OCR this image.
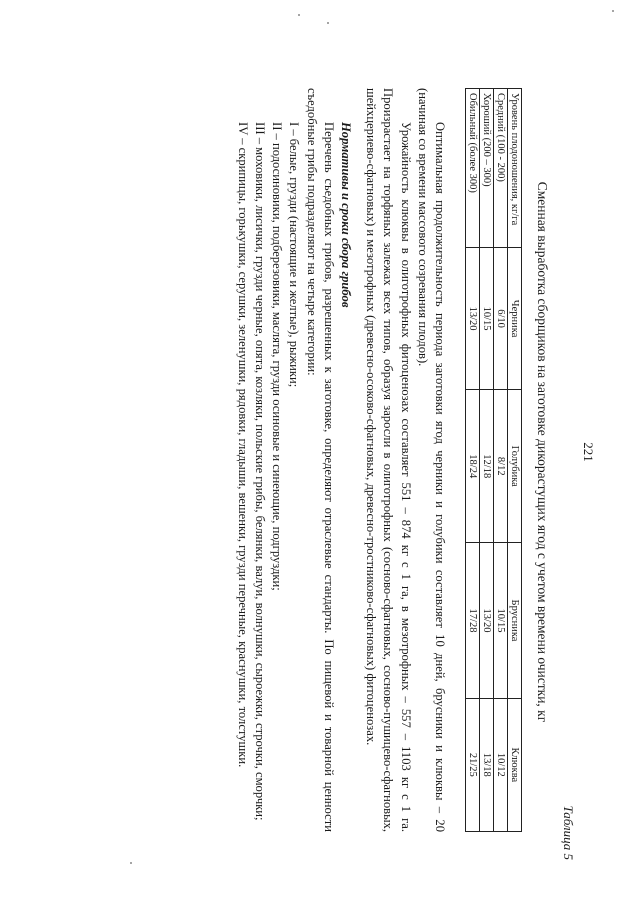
221
Таблица 5
Сменная выработка сборщиков на заготовке дикорастущих ягод с учетом времени очистки, кг
Уровень плодоношения, кг/га	Черника	Голубика	Брусника	Клюква
Средний (100 - 200)	6/10	8/12	10/15	10/12
Хороший (200 – 300)	10/15	12/18	13/20	13/18
Обильный (более 300)	13/20	18/24	17/28	21/25

Оптимальная продолжительность периода заготовки ягод черники и голубики составляет 10 дней, брусники и клюквы – 20 (начиная со времени массового созревания плодов).

Урожайность клюквы в олиготрофных фитоценозах составляет 551 – 874 кг с 1 га, в мезотрофных – 557 – 1103 кг с 1 га. Произрастает на торфяных залежах всех типов, образуя заросли в олиготрофных (сосново-сфагновых, сосново-пушицево-сфагновых, шейхцериево-сфагновых) и мезотрофных (древесно-осоково-сфагновых, древесно-тростниково-сфагновых) фитоценозах.

Нормативы и сроки сбора грибов

Перечень съедобных грибов, разрешенных к заготовке, определяют отраслевые стандарты. По пищевой и товарной ценности съедобные грибы подразделяют на четыре категории:

I – белые, грузди (настоящие и желтые), рыжики;

II – подосиновики, подберезовики, маслята, грузди осиновые и синеющие, подгруздки;

III – моховики, лисички, грузди черные, опята, козляки, польские грибы, белянки, валуи, волнушки, сыроежки, строчки, сморчки;

IV – скрипицы, горькушки, серушки, зеленушки, рядовки, гладыши, вешенки, грузди перечные, краснушки, толстушки.
